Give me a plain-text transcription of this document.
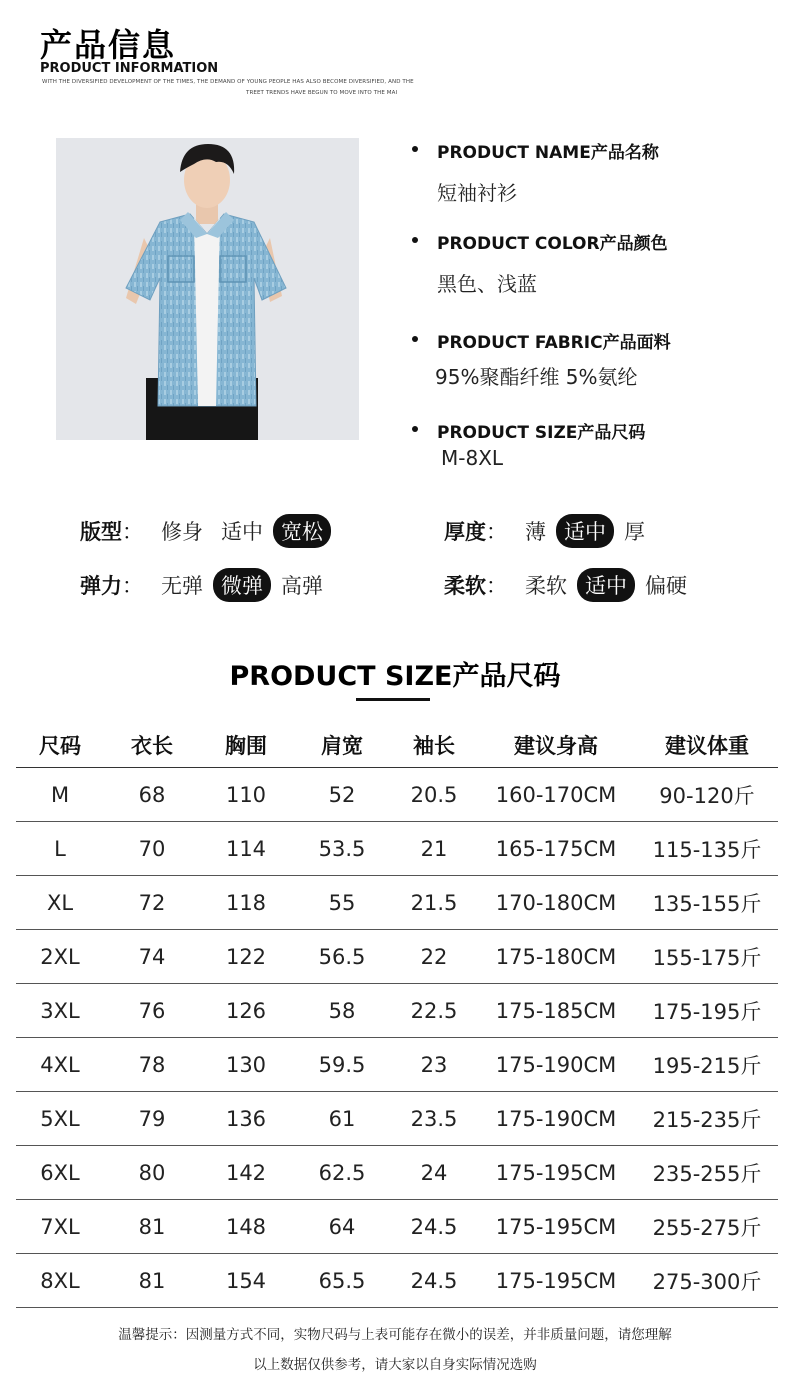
产品信息
PRODUCT INFORMATION
WITH THE DIVERSIFIED DEVELOPMENT OF THE TIMES, THE DEMAND OF YOUNG PEOPLE HAS ALSO BECOME DIVERSIFIED, AND THE
TREET TRENDS HAVE BEGUN TO MOVE INTO THE MAI
PRODUCT NAME产品名称
短袖衬衫
PRODUCT COLOR产品颜色
黑色、浅蓝
PRODUCT FABRIC产品面料
95%聚酯纤维 5%氨纶
PRODUCT SIZE产品尺码
M-8XL
版型 ： 修身 适中 宽松	厚度 ： 薄 适中 厚
弹力 ： 无弹 微弹 高弹	柔软 ： 柔软 适中 偏硬
PRODUCT SIZE产品尺码
尺码	衣长	胸围	肩宽	袖长	建议身高	建议体重
M	68	110	52	20.5	160-170CM	90-120斤
L	70	114	53.5	21	165-175CM	115-135斤
XL	72	118	55	21.5	170-180CM	135-155斤
2XL	74	122	56.5	22	175-180CM	155-175斤
3XL	76	126	58	22.5	175-185CM	175-195斤
4XL	78	130	59.5	23	175-190CM	195-215斤
5XL	79	136	61	23.5	175-190CM	215-235斤
6XL	80	142	62.5	24	175-195CM	235-255斤
7XL	81	148	64	24.5	175-195CM	255-275斤
8XL	81	154	65.5	24.5	175-195CM	275-300斤
温馨提示：因测量方式不同，实物尺码与上表可能存在微小的误差，并非质量问题，请您理解
以上数据仅供参考，请大家以自身实际情况选购
